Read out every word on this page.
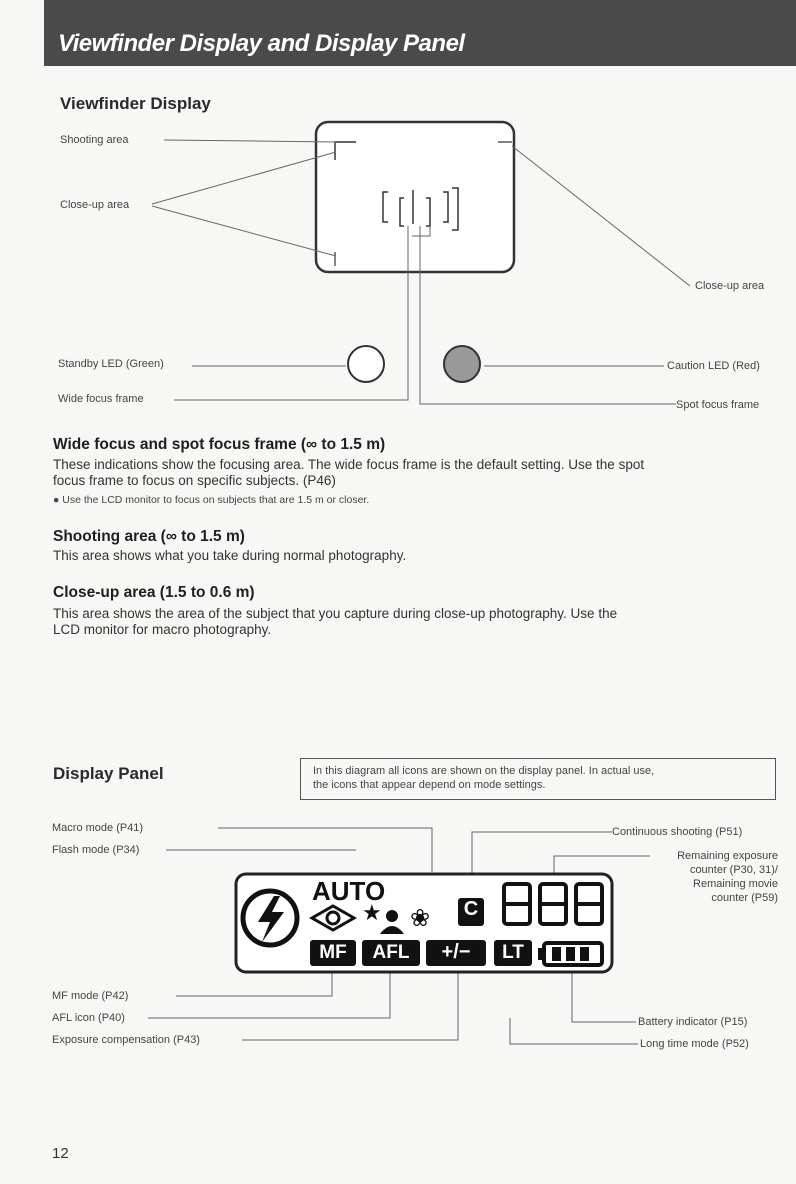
Viewfinder Display and Display Panel
Viewfinder Display
Shooting area
Close-up area
Close-up area
Standby LED (Green)	Caution LED (Red)
Wide focus frame	Spot focus frame
Wide focus and spot focus frame (∞ to 1.5 m)
These indications show the focusing area. The wide focus frame is the default setting. Use the spot
focus frame to focus on specific subjects. (P46)
● Use the LCD monitor to focus on subjects that are 1.5 m or closer.
Shooting area (∞ to 1.5 m)
This area shows what you take during normal photography.
Close-up area (1.5 to 0.6 m)
This area shows the area of the subject that you capture during close-up photography. Use the
LCD monitor for macro photography.
Display Panel	In this diagram all icons are shown on the display panel. In actual use,
the icons that appear depend on mode settings.
★ ❀
AUTO
C
MF	AFL	+/−	LT
Macro mode (P41)
Flash mode (P34)
Continuous shooting (P51)
Remaining exposure
counter (P30, 31)/
Remaining movie
counter (P59)
MF mode (P42)
AFL icon (P40)
Exposure compensation (P43)
Battery indicator (P15)
Long time mode (P52)
12
